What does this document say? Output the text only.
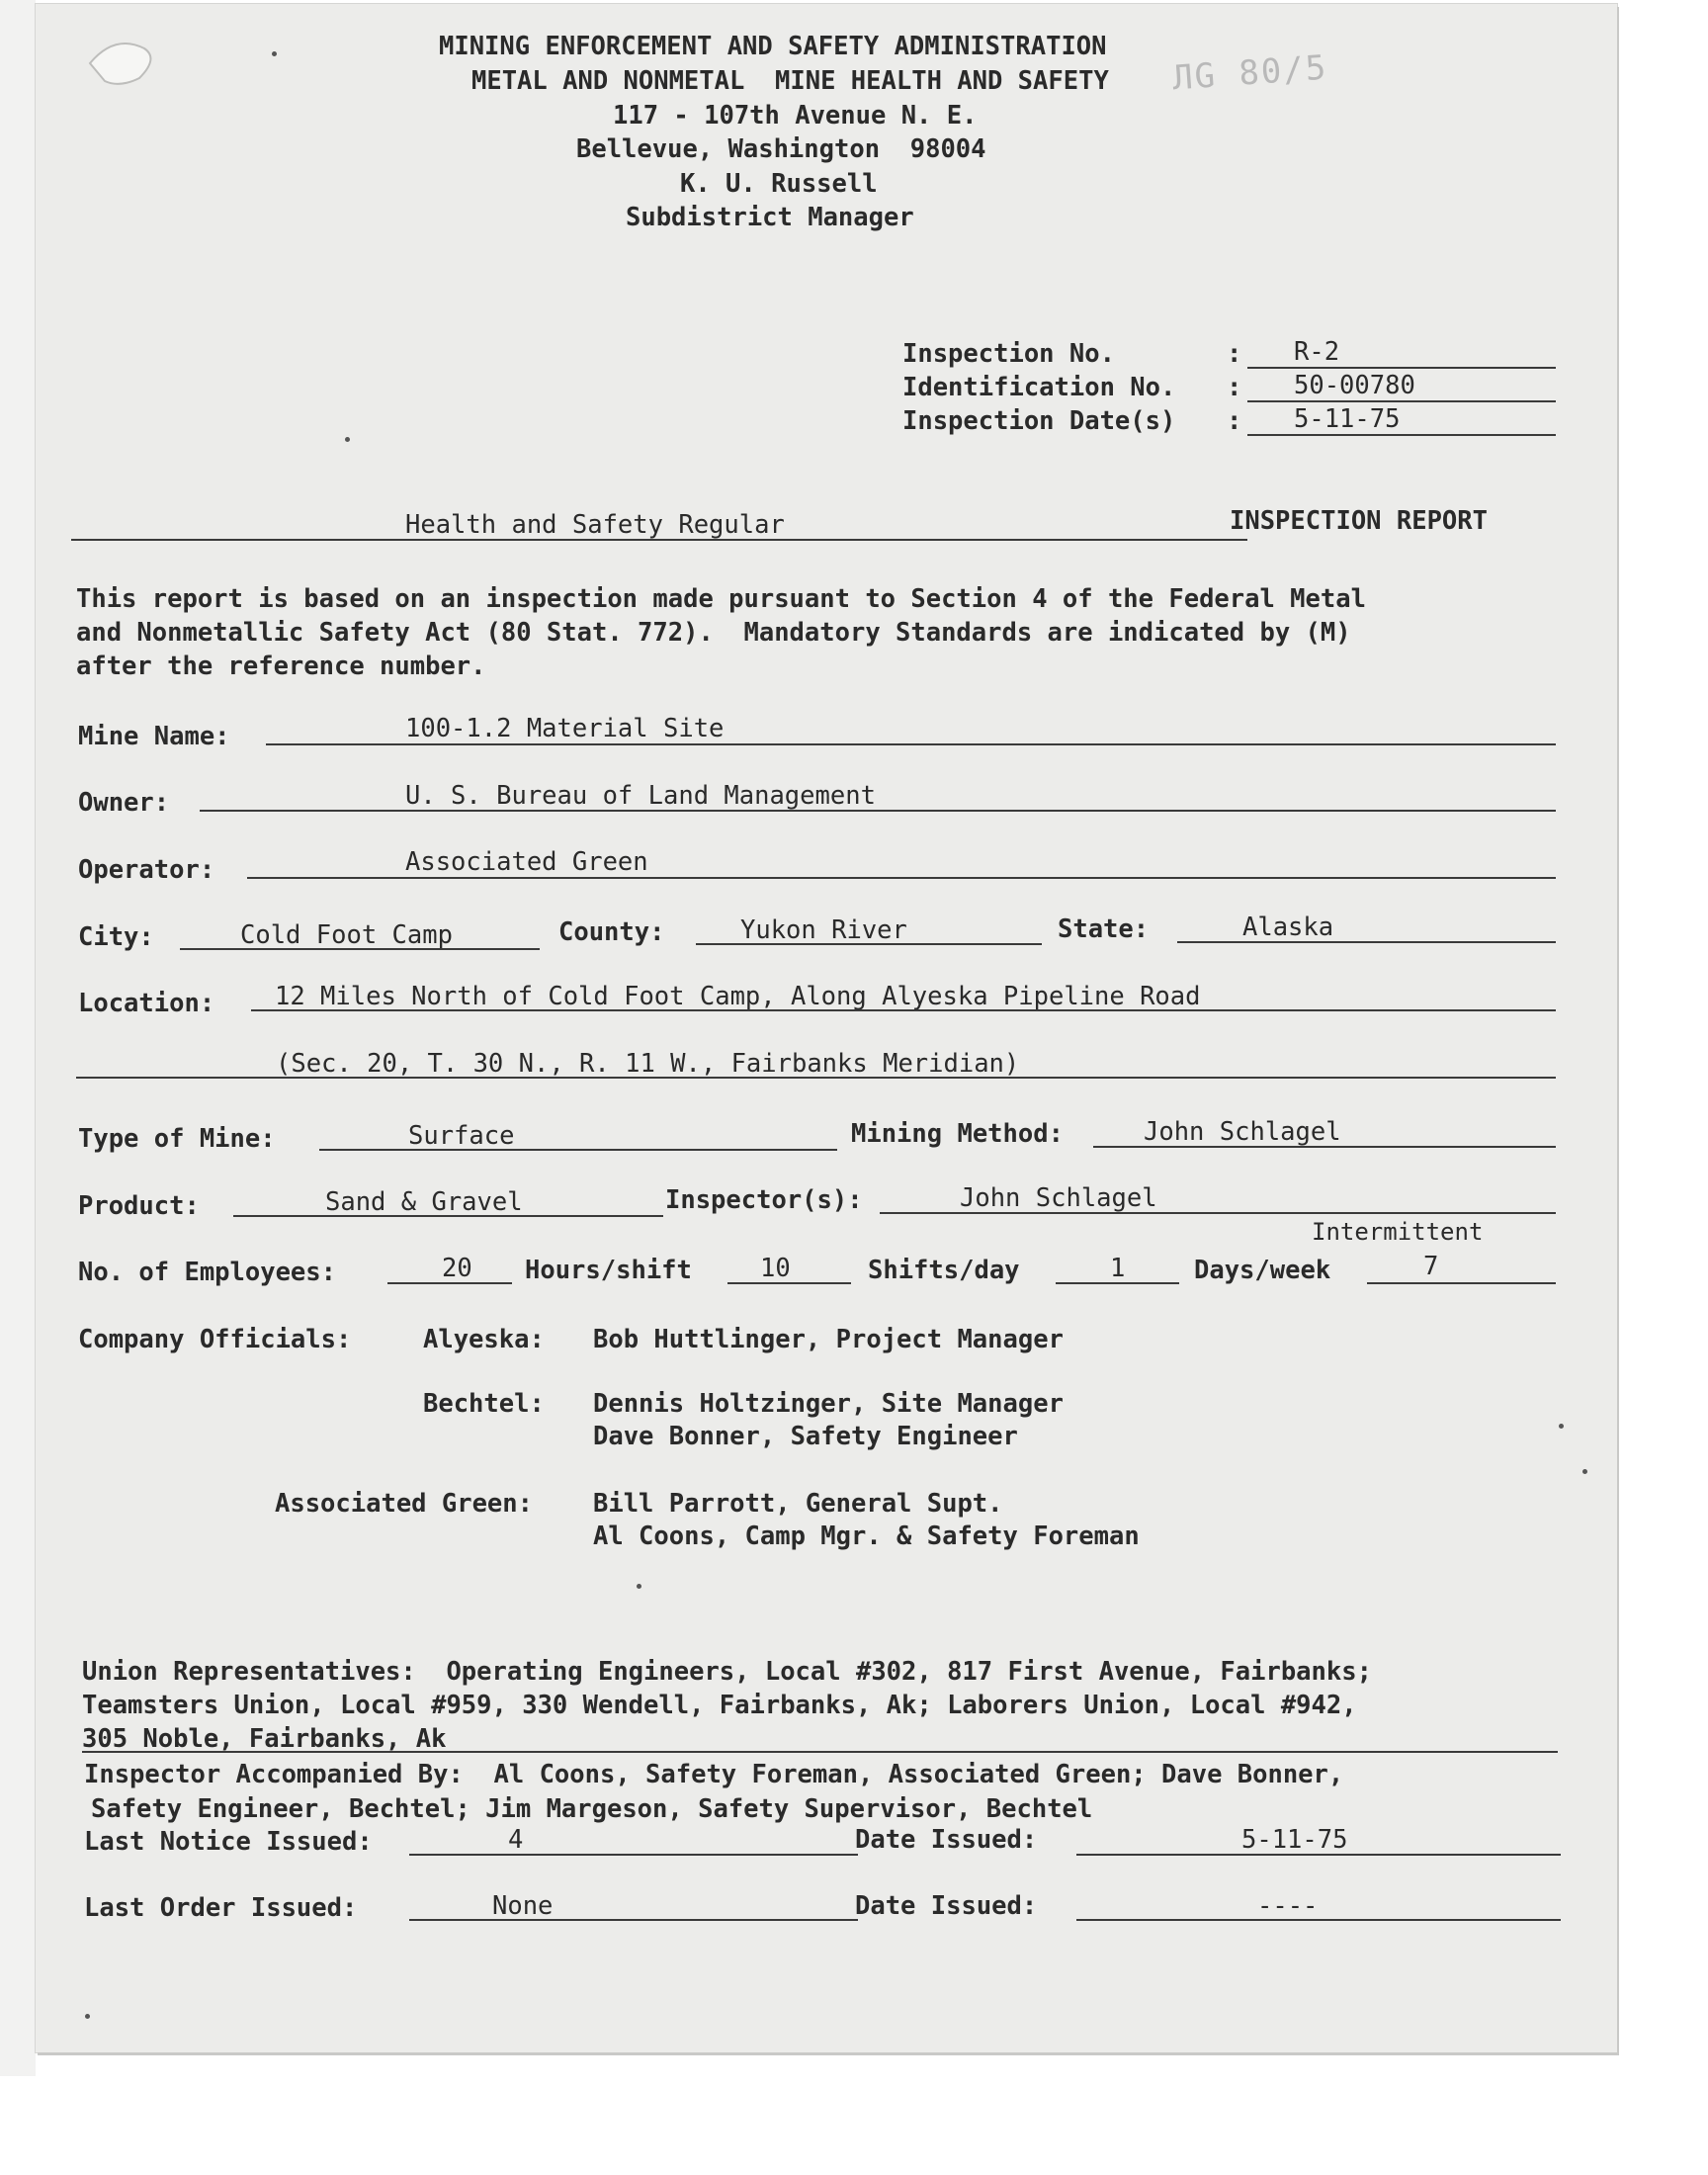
ЛG 80/5
MINING ENFORCEMENT AND SAFETY ADMINISTRATION
METAL AND NONMETAL  MINE HEALTH AND SAFETY
117 - 107th Avenue N. E.
Bellevue, Washington  98004
K. U. Russell
Subdistrict Manager
Inspection No.	: R-2
Identification No. : 50-00780
Inspection Date(s) : 5-11-75
Health and Safety Regular	INSPECTION REPORT
This report is based on an inspection made pursuant to Section 4 of the Federal Metal
and Nonmetallic Safety Act (80 Stat. 772).  Mandatory Standards are indicated by (M)
after the reference number.
Mine Name:	100-1.2 Material Site
Owner:	U. S. Bureau of Land Management
Operator:	Associated Green
City:	Cold Foot Camp	County:	Yukon River	State:	Alaska
Location: 12 Miles North of Cold Foot Camp, Along Alyeska Pipeline Road
(Sec. 20, T. 30 N., R. 11 W., Fairbanks Meridian)
Type of Mine:	Surface	Mining Method:	John Schlagel
Product:	Sand & Gravel	Inspector(s):	John Schlagel
Intermittent
No. of Employees:	20 Hours/shift	10	Shifts/day	1	Days/week	7
Company Officials:	Alyeska: Bob Huttlinger, Project Manager
Bechtel: Dennis Holtzinger, Site Manager
Dave Bonner, Safety Engineer
Associated Green: Bill Parrott, General Supt.
Al Coons, Camp Mgr. & Safety Foreman
Union Representatives:  Operating Engineers, Local #302, 817 First Avenue, Fairbanks;
Teamsters Union, Local #959, 330 Wendell, Fairbanks, Ak; Laborers Union, Local #942,
305 Noble, Fairbanks, Ak
Inspector Accompanied By:  Al Coons, Safety Foreman, Associated Green; Dave Bonner,
Safety Engineer, Bechtel; Jim Margeson, Safety Supervisor, Bechtel
Last Notice Issued:	4	Date Issued:	5-11-75
Last Order Issued:	None	Date Issued:	----
